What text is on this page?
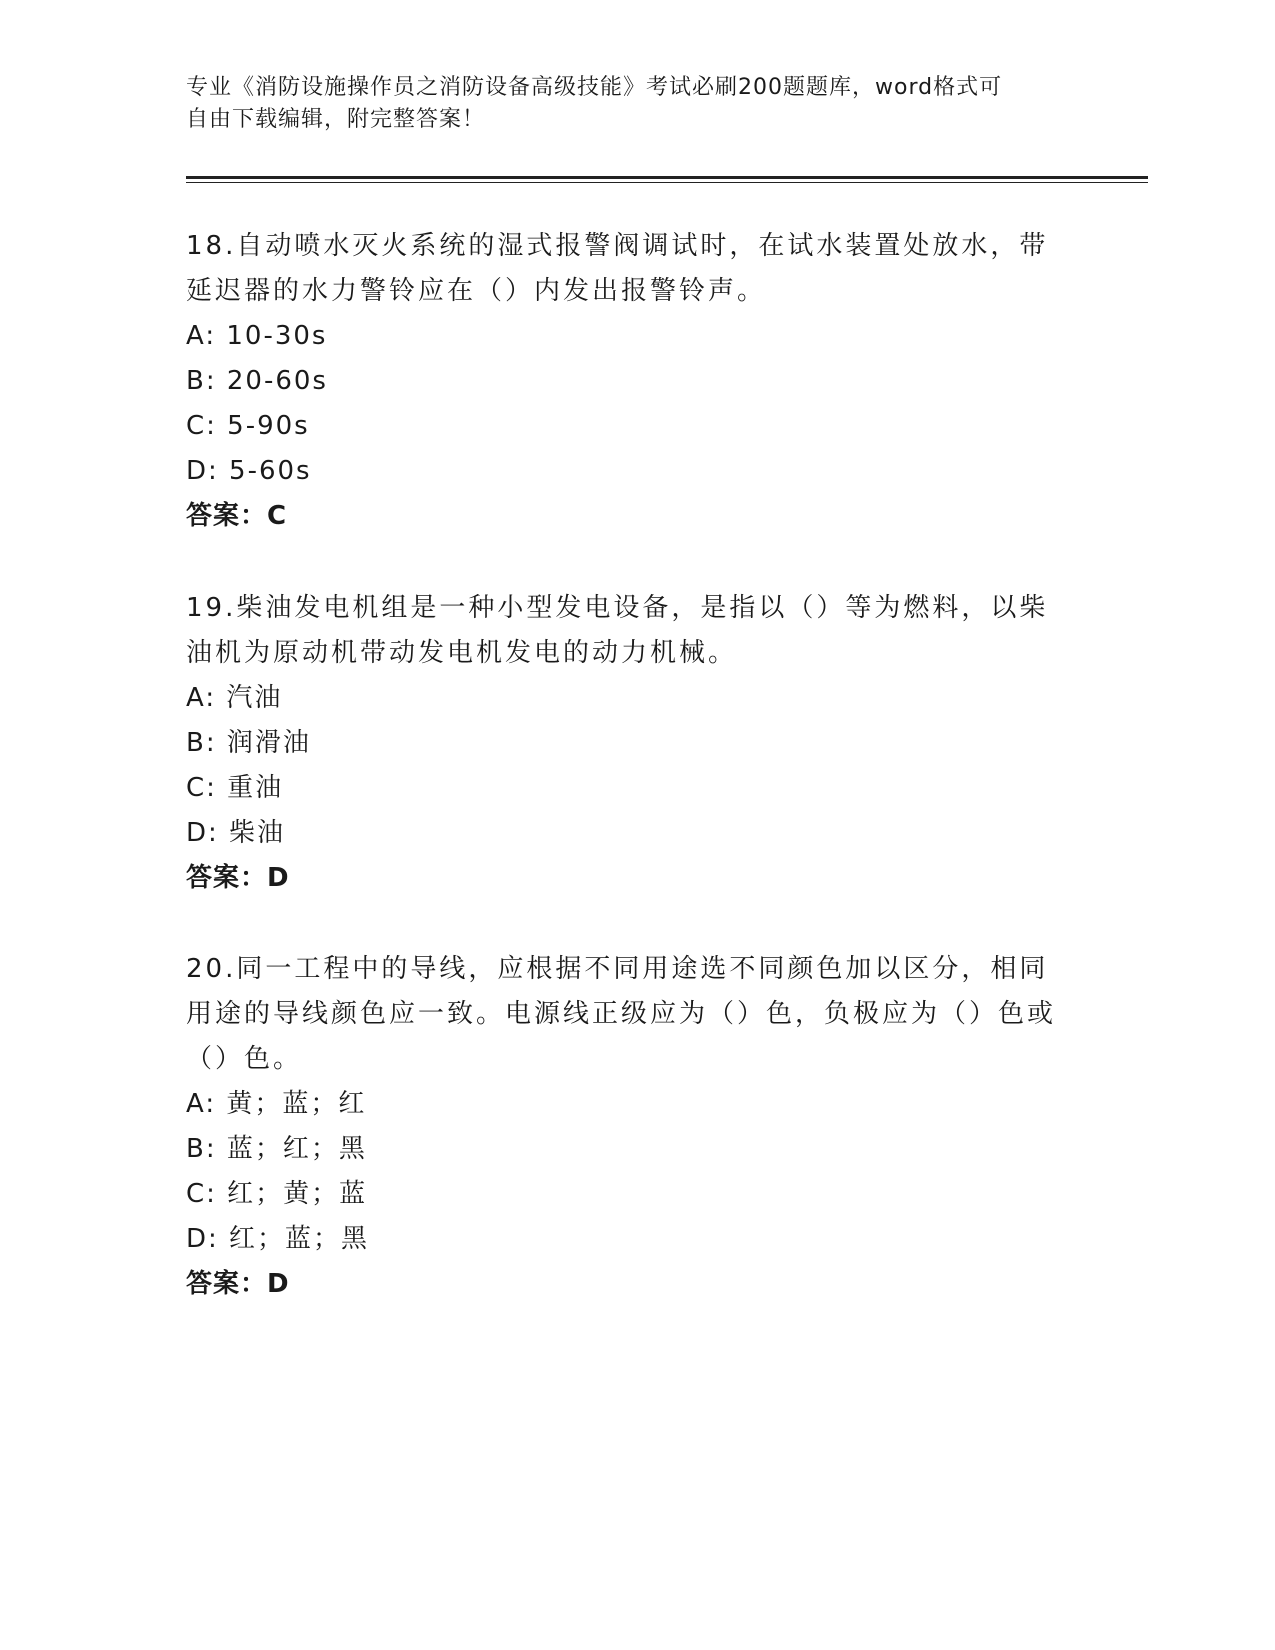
专业《消防设施操作员之消防设备高级技能》考试必刷200题题库，word格式可
自由下载编辑，附完整答案！
18.自动喷水灭火系统的湿式报警阀调试时，在试水装置处放水，带延迟器的水力警铃应在（）内发出报警铃声。
A: 10-30s
B: 20-60s
C: 5-90s
D: 5-60s
答案：C
19.柴油发电机组是一种小型发电设备，是指以（）等为燃料，以柴油机为原动机带动发电机发电的动力机械。
A: 汽油
B: 润滑油
C: 重油
D: 柴油
答案：D
20.同一工程中的导线，应根据不同用途选不同颜色加以区分，相同用途的导线颜色应一致。电源线正级应为（）色，负极应为（）色或（）色。
A: 黄；蓝；红
B: 蓝；红；黑
C: 红；黄；蓝
D: 红；蓝；黑
答案：D
